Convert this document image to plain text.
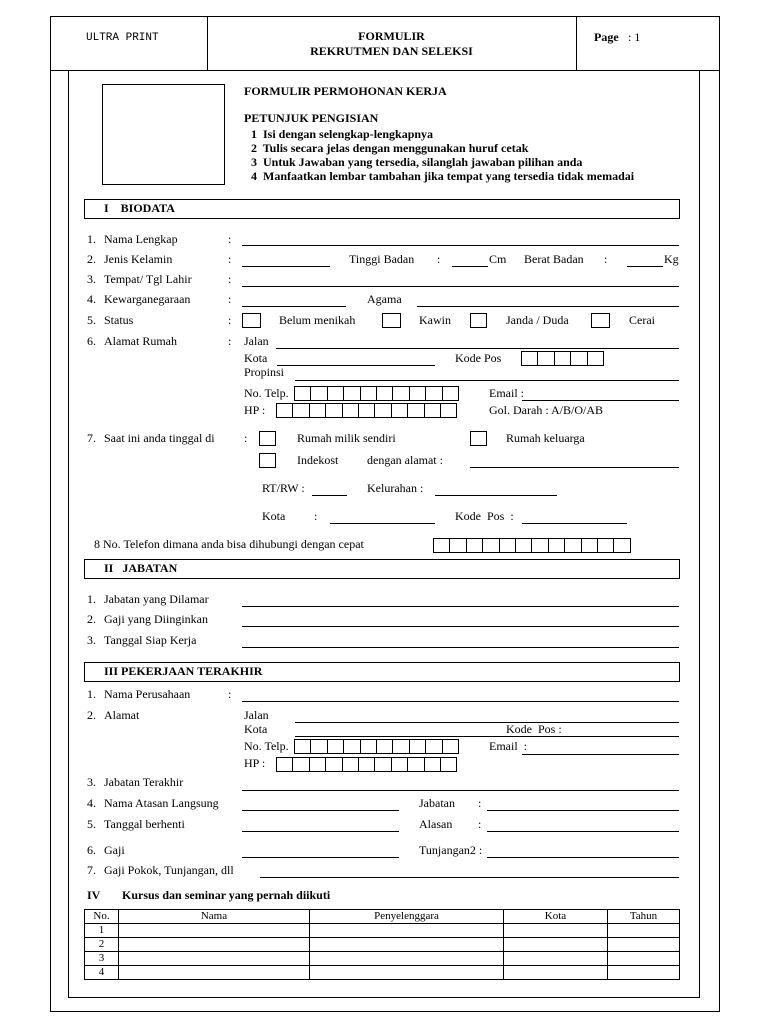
ULTRA PRINT	FORMULIR
REKRUTMEN DAN SELEKSI
Page : 1
FORMULIR PERMOHONAN KERJA
PETUNJUK PENGISIAN
1  Isi dengan selengkap-lengkapnya
2  Tulis secara jelas dengan menggunakan huruf cetak
3  Untuk Jawaban yang tersedia, silanglah jawaban pilihan anda
4  Manfaatkan lembar tambahan jika tempat yang tersedia tidak memadai
I    BIODATA
1. Nama Lengkap	:
2. Jenis Kelamin	:	Tinggi Badan :	Cm Berat Badan :	Kg
3. Tempat/ Tgl Lahir	:
4. Kewarganegaraan	:	Agama
5. Status	:	Belum menikah	Kawin	Janda / Duda	Cerai
6. Alamat Rumah	: Jalan
Kota	Kode Pos
Propinsi
No. Telp.	Email :
HP :	Gol. Darah : A/B/O/AB
7. Saat ini anda tinggal di :	Rumah milik sendiri	Rumah keluarga
Indekost dengan alamat :
RT/RW :	Kelurahan :
Kota :	Kode  Pos  :
8 No. Telefon dimana anda bisa dihubungi dengan cepat
II   JABATAN
1. Jabatan yang Dilamar
2. Gaji yang Diinginkan
3. Tanggal Siap Kerja
III PEKERJAAN TERAKHIR
1. Nama Perusahaan	:
2. Alamat	Jalan
Kota	Kode  Pos :
No. Telp.	Email  :
HP :
3. Jabatan Terakhir
4. Nama Atasan Langsung	Jabatan :
5. Tanggal berhenti	Alasan :
6. Gaji	Tunjangan2 :
7. Gaji Pokok, Tunjangan, dll
IV Kursus dan seminar yang pernah diikuti
No.	Nama	Penyelenggara	Kota	Tahun
1				
2				
3				
4				
